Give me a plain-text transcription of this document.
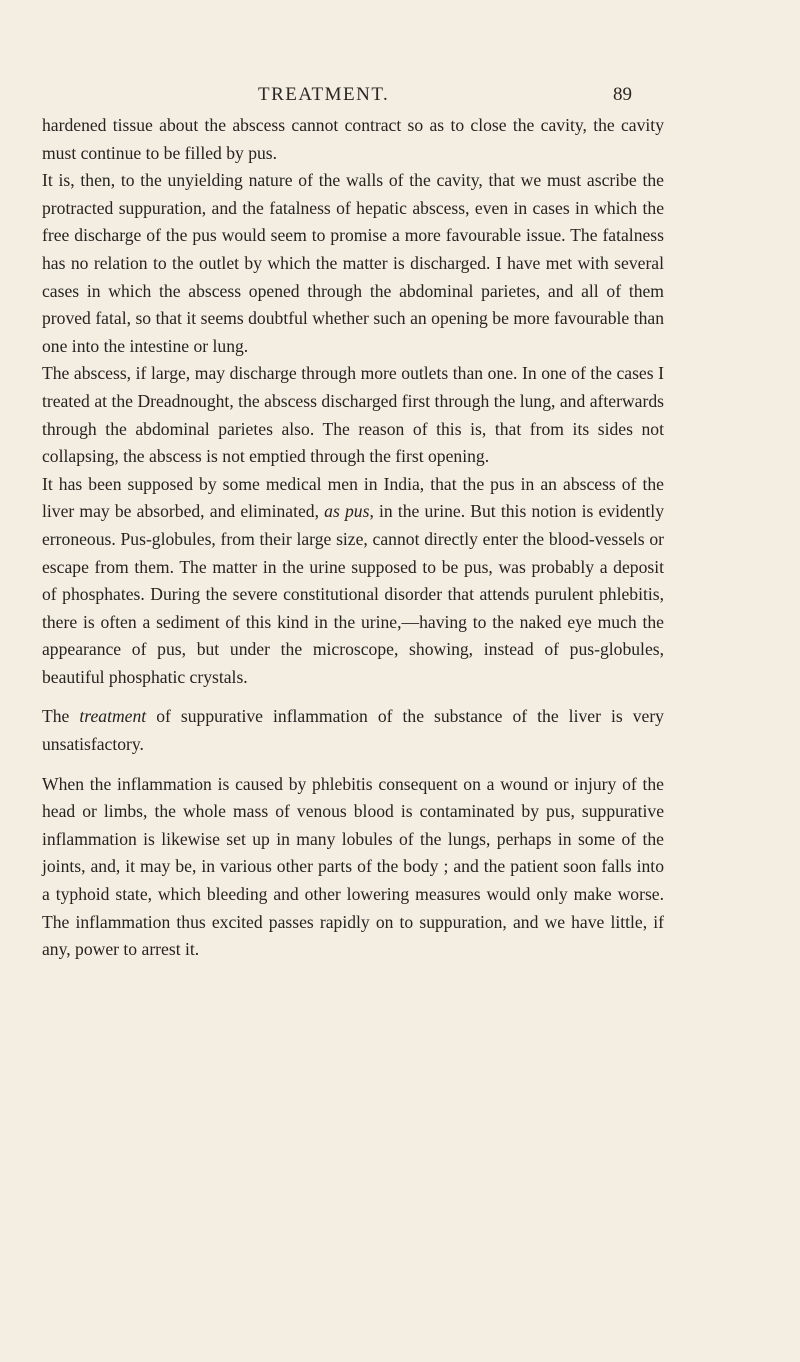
TREATMENT.	89

hardened tissue about the abscess cannot contract so as to close the cavity, the cavity must continue to be filled by pus.

It is, then, to the unyielding nature of the walls of the cavity, that we must ascribe the protracted suppuration, and the fatalness of hepatic abscess, even in cases in which the free discharge of the pus would seem to promise a more favourable issue. The fatalness has no relation to the outlet by which the matter is discharged. I have met with several cases in which the abscess opened through the abdominal parietes, and all of them proved fatal, so that it seems doubtful whether such an opening be more favourable than one into the intestine or lung.

The abscess, if large, may discharge through more outlets than one. In one of the cases I treated at the Dreadnought, the abscess discharged first through the lung, and afterwards through the abdominal parietes also. The reason of this is, that from its sides not collapsing, the abscess is not emptied through the first opening.

It has been supposed by some medical men in India, that the pus in an abscess of the liver may be absorbed, and eliminated, as pus, in the urine. But this notion is evidently erroneous. Pus-globules, from their large size, cannot directly enter the blood-vessels or escape from them. The matter in the urine supposed to be pus, was probably a deposit of phosphates. During the severe constitutional disorder that attends purulent phlebitis, there is often a sediment of this kind in the urine,—having to the naked eye much the appearance of pus, but under the microscope, showing, instead of pus-globules, beautiful phosphatic crystals.

The treatment of suppurative inflammation of the substance of the liver is very unsatisfactory.

When the inflammation is caused by phlebitis consequent on a wound or injury of the head or limbs, the whole mass of venous blood is contaminated by pus, suppurative inflammation is likewise set up in many lobules of the lungs, perhaps in some of the joints, and, it may be, in various other parts of the body ; and the patient soon falls into a typhoid state, which bleeding and other lowering measures would only make worse. The inflammation thus excited passes rapidly on to suppuration, and we have little, if any, power to arrest it.
